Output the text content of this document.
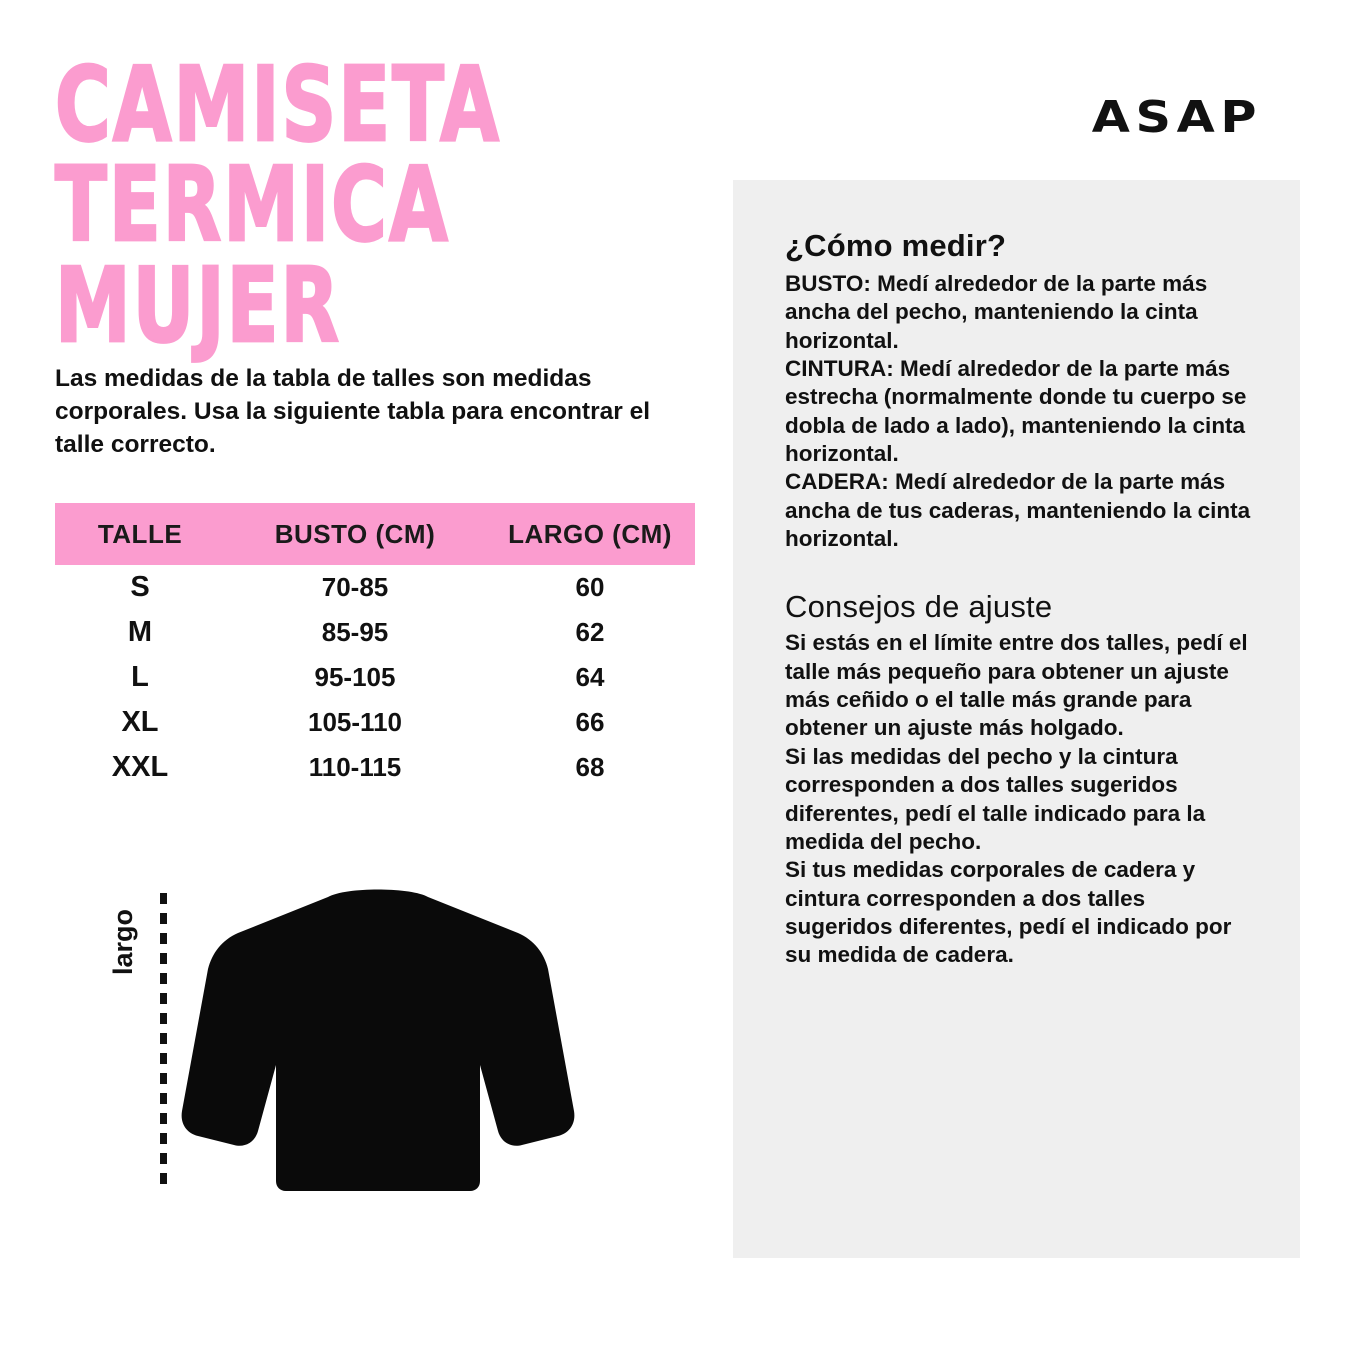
CAMISETA
TERMICA MUJER
ASAP
Las medidas de la tabla de talles son medidas corporales. Usa la siguiente tabla para encontrar el talle correcto.
TALLE	BUSTO (CM)	LARGO (CM)
S	70-85	60
M	85-95	62
L	95-105	64
XL	105-110	66
XXL	110-115	68
largo
¿Cómo medir?

BUSTO: Medí alrededor de la parte más ancha del pecho, manteniendo la cinta horizontal.

CINTURA: Medí alrededor de la parte más estrecha (normalmente donde tu cuerpo se dobla de lado a lado), manteniendo la cinta horizontal.

CADERA: Medí alrededor de la parte más ancha de tus caderas, manteniendo la cinta horizontal.

Consejos de ajuste

Si estás en el límite entre dos talles, pedí el talle más pequeño para obtener un ajuste más ceñido o el talle más grande para obtener un ajuste más holgado.

Si las medidas del pecho y la cintura corresponden a dos talles sugeridos diferentes, pedí el talle indicado para la medida del pecho.

Si tus medidas corporales de cadera y cintura corresponden a dos talles sugeridos diferentes, pedí el indicado por su medida de cadera.
